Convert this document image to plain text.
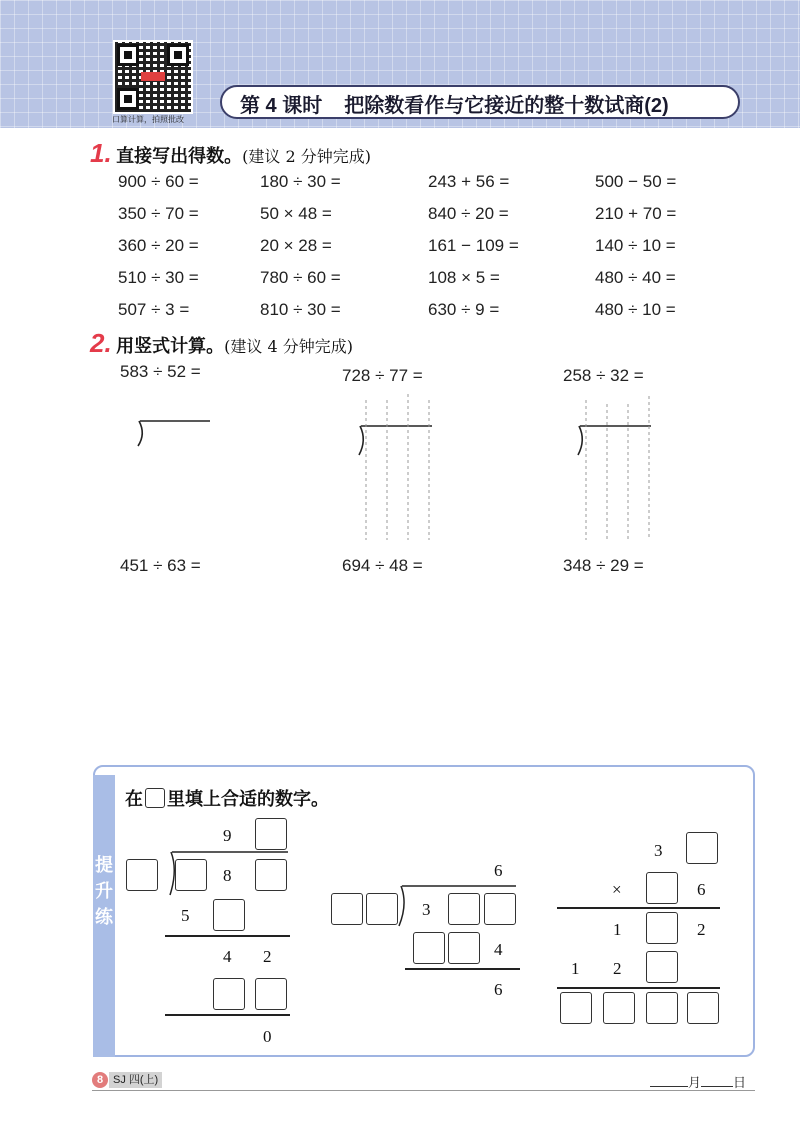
口算计算，拍照批改
第 4 课时 把除数看作与它接近的整十数试商(2)
1. 直接写出得数。(建议 2 分钟完成)
900 ÷ 60 =	180 ÷ 30 =	243 + 56 =	500 − 50 =
350 ÷ 70 =	50 × 48 =	840 ÷ 20 =	210 + 70 =
360 ÷ 20 =	20 × 28 =	161 − 109 =	140 ÷ 10 =
510 ÷ 30 =	780 ÷ 60 =	108 × 5 =	480 ÷ 40 =
507 ÷ 3 =	810 ÷ 30 =	630 ÷ 9 =	480 ÷ 10 =
2. 用竖式计算。(建议 4 分钟完成)
583 ÷ 52 =	728 ÷ 77 =	258 ÷ 32 =
451 ÷ 63 =	694 ÷ 48 =	348 ÷ 29 =
提升练
在 里填上合适的数字。
9
8
5
4 2
0
6
3
4
6
3
×	6
1	2
1 2
8 SJ 四(上)	月 日
